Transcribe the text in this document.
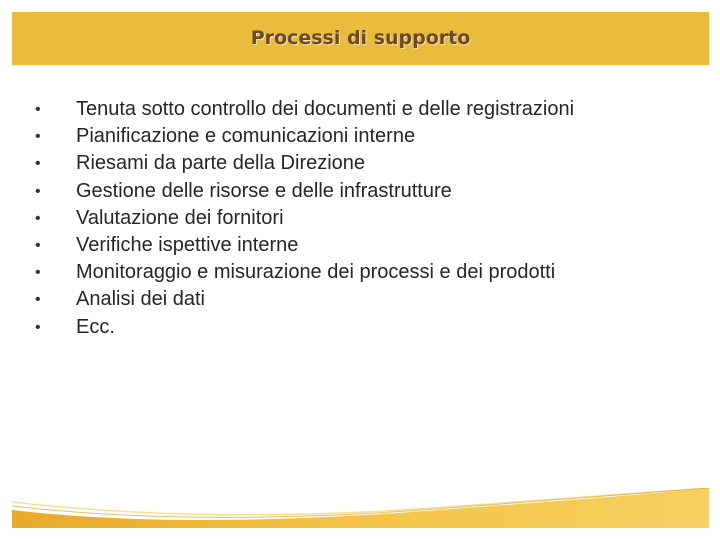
Processi di supporto
• Tenuta sotto controllo dei documenti e delle registrazioni
• Pianificazione e comunicazioni interne
• Riesami da parte della Direzione
• Gestione delle risorse e delle infrastrutture
• Valutazione dei fornitori
• Verifiche ispettive interne
• Monitoraggio e misurazione dei processi e dei prodotti
• Analisi dei dati
• Ecc.
